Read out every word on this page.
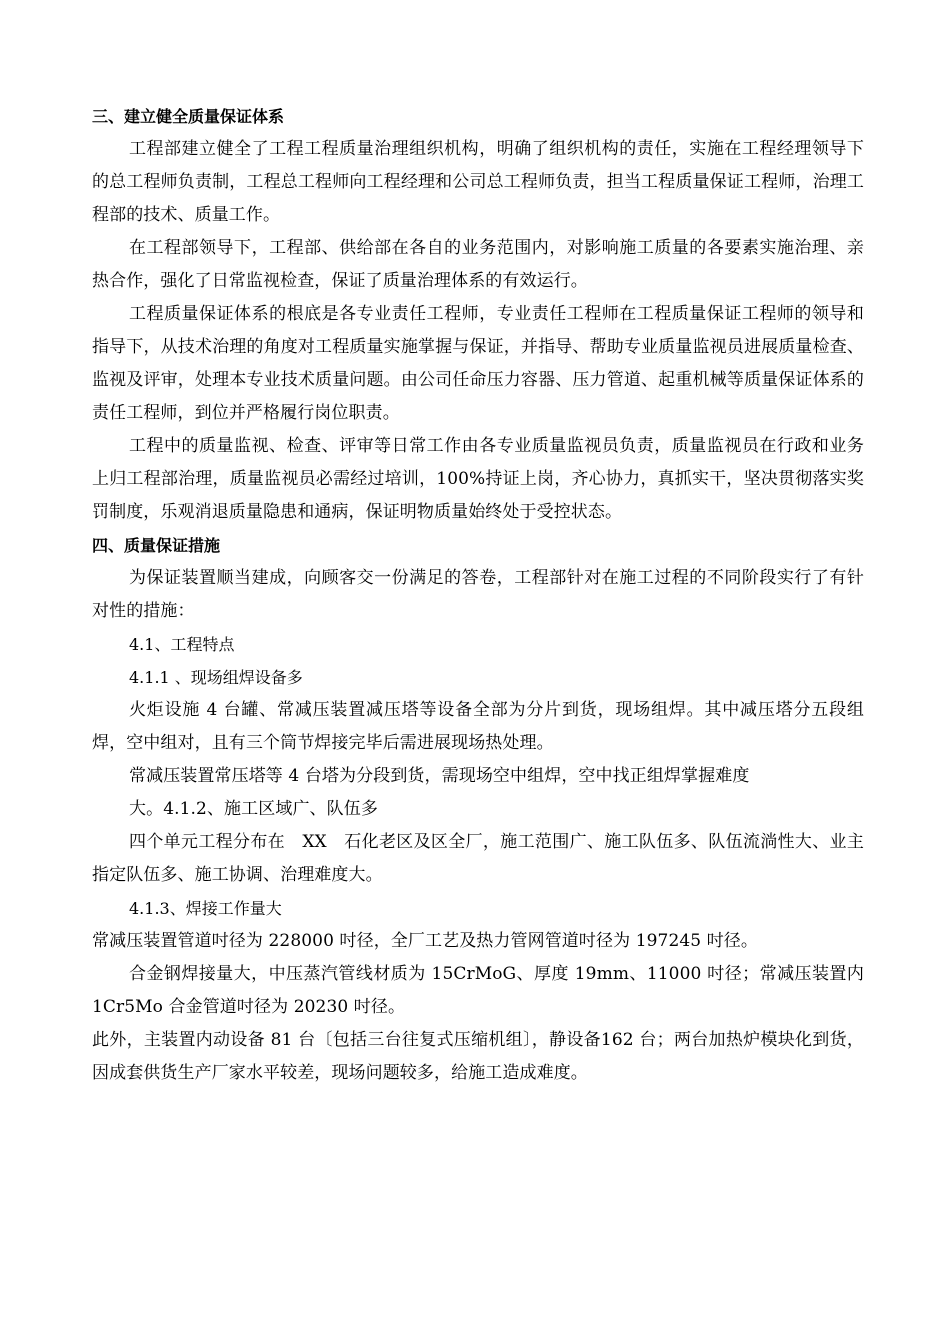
三、建立健全质量保证体系

工程部建立健全了工程工程质量治理组织机构，明确了组织机构的责任，实施在工程经理领导下的总工程师负责制，工程总工程师向工程经理和公司总工程师负责，担当工程质量保证工程师，治理工程部的技术、质量工作。

在工程部领导下，工程部、供给部在各自的业务范围内，对影响施工质量的各要素实施治理、亲热合作，强化了日常监视检查，保证了质量治理体系的有效运行。

工程质量保证体系的根底是各专业责任工程师，专业责任工程师在工程质量保证工程师的领导和指导下，从技术治理的角度对工程质量实施掌握与保证，并指导、帮助专业质量监视员进展质量检查、监视及评审，处理本专业技术质量问题。由公司任命压力容器、压力管道、起重机械等质量保证体系的责任工程师，到位并严格履行岗位职责。

工程中的质量监视、检查、评审等日常工作由各专业质量监视员负责，质量监视员在行政和业务上归工程部治理，质量监视员必需经过培训，100%持证上岗，齐心协力，真抓实干，坚决贯彻落实奖罚制度，乐观消退质量隐患和通病，保证明物质量始终处于受控状态。

四、质量保证措施

为保证装置顺当建成，向顾客交一份满足的答卷，工程部针对在施工过程的不同阶段实行了有针对性的措施：

4.1、工程特点

4.1.1 、现场组焊设备多

火炬设施 4 台罐、常减压装置减压塔等设备全部为分片到货，现场组焊。其中减压塔分五段组焊，空中组对，且有三个筒节焊接完毕后需进展现场热处理。

常减压装置常压塔等 4 台塔为分段到货，需现场空中组焊，空中找正组焊掌握难度

大。4.1.2、施工区域广、队伍多

四个单元工程分布在　XX　石化老区及区全厂，施工范围广、施工队伍多、队伍流淌性大、业主指定队伍多、施工协调、治理难度大。

4.1.3、焊接工作量大

常减压装置管道吋径为 228000 吋径，全厂工艺及热力管网管道吋径为 197245 吋径。

合金钢焊接量大，中压蒸汽管线材质为 15CrMoG、厚度 19mm、11000 吋径；常减压装置内 1Cr5Mo 合金管道吋径为 20230 吋径。

此外，主装置内动设备 81 台〔包括三台往复式压缩机组〕，静设备162 台；两台加热炉模块化到货，因成套供货生产厂家水平较差，现场问题较多，给施工造成难度。
